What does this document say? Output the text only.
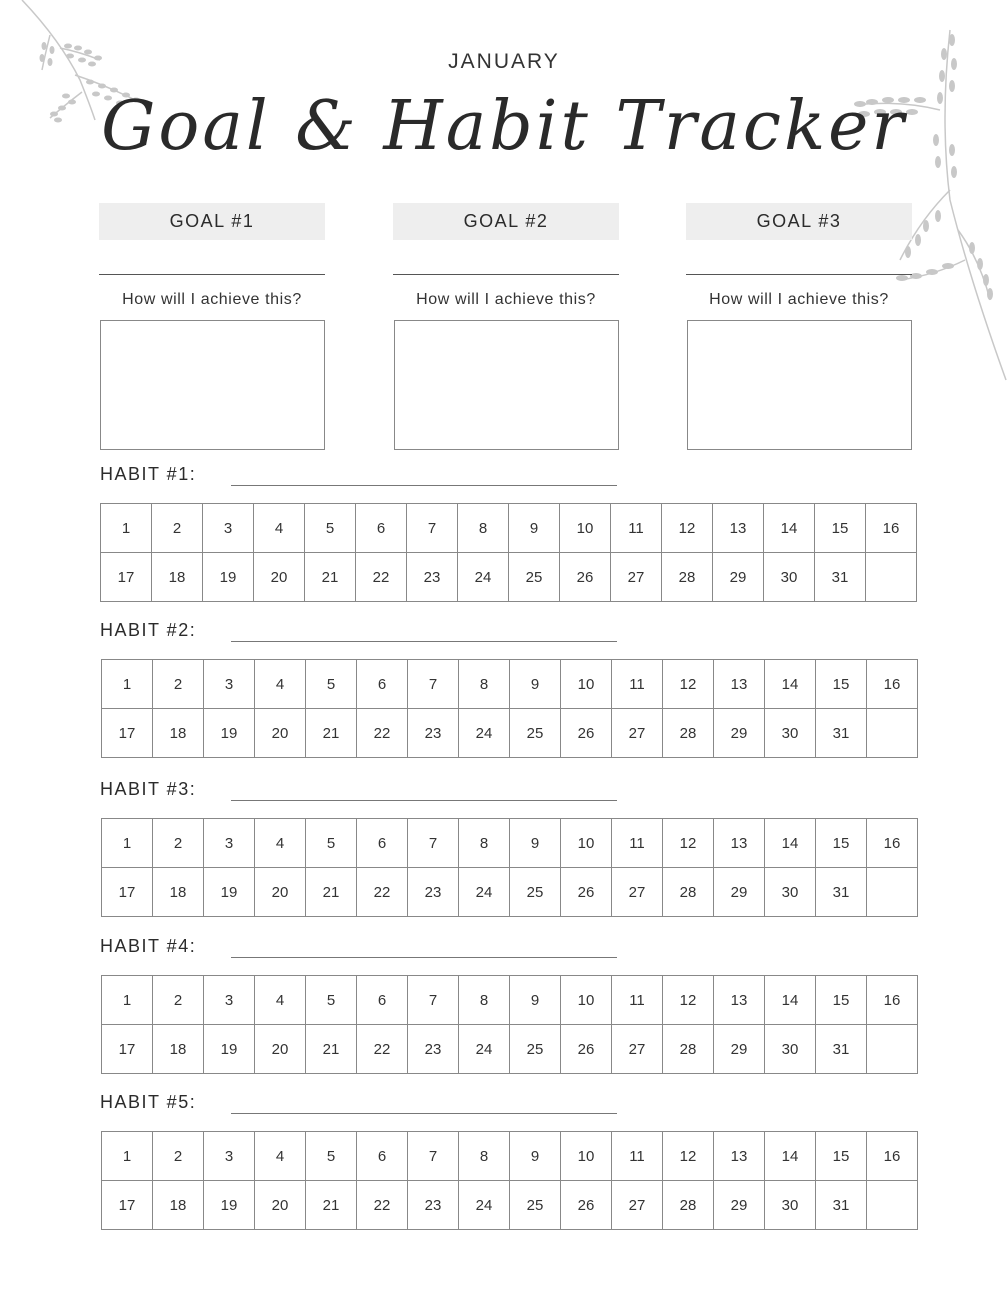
JANUARY
Goal & Habit Tracker
GOAL #1
How will I achieve this?
GOAL #2
How will I achieve this?
GOAL #3
How will I achieve this?
HABIT #1:
1	2	3	4	5	6	7	8	9	10	11	12	13	14	15	16
17	18	19	20	21	22	23	24	25	26	27	28	29	30	31	
HABIT #2:
1	2	3	4	5	6	7	8	9	10	11	12	13	14	15	16
17	18	19	20	21	22	23	24	25	26	27	28	29	30	31	
HABIT #3:
1	2	3	4	5	6	7	8	9	10	11	12	13	14	15	16
17	18	19	20	21	22	23	24	25	26	27	28	29	30	31	
HABIT #4:
1	2	3	4	5	6	7	8	9	10	11	12	13	14	15	16
17	18	19	20	21	22	23	24	25	26	27	28	29	30	31	
HABIT #5:
1	2	3	4	5	6	7	8	9	10	11	12	13	14	15	16
17	18	19	20	21	22	23	24	25	26	27	28	29	30	31	
